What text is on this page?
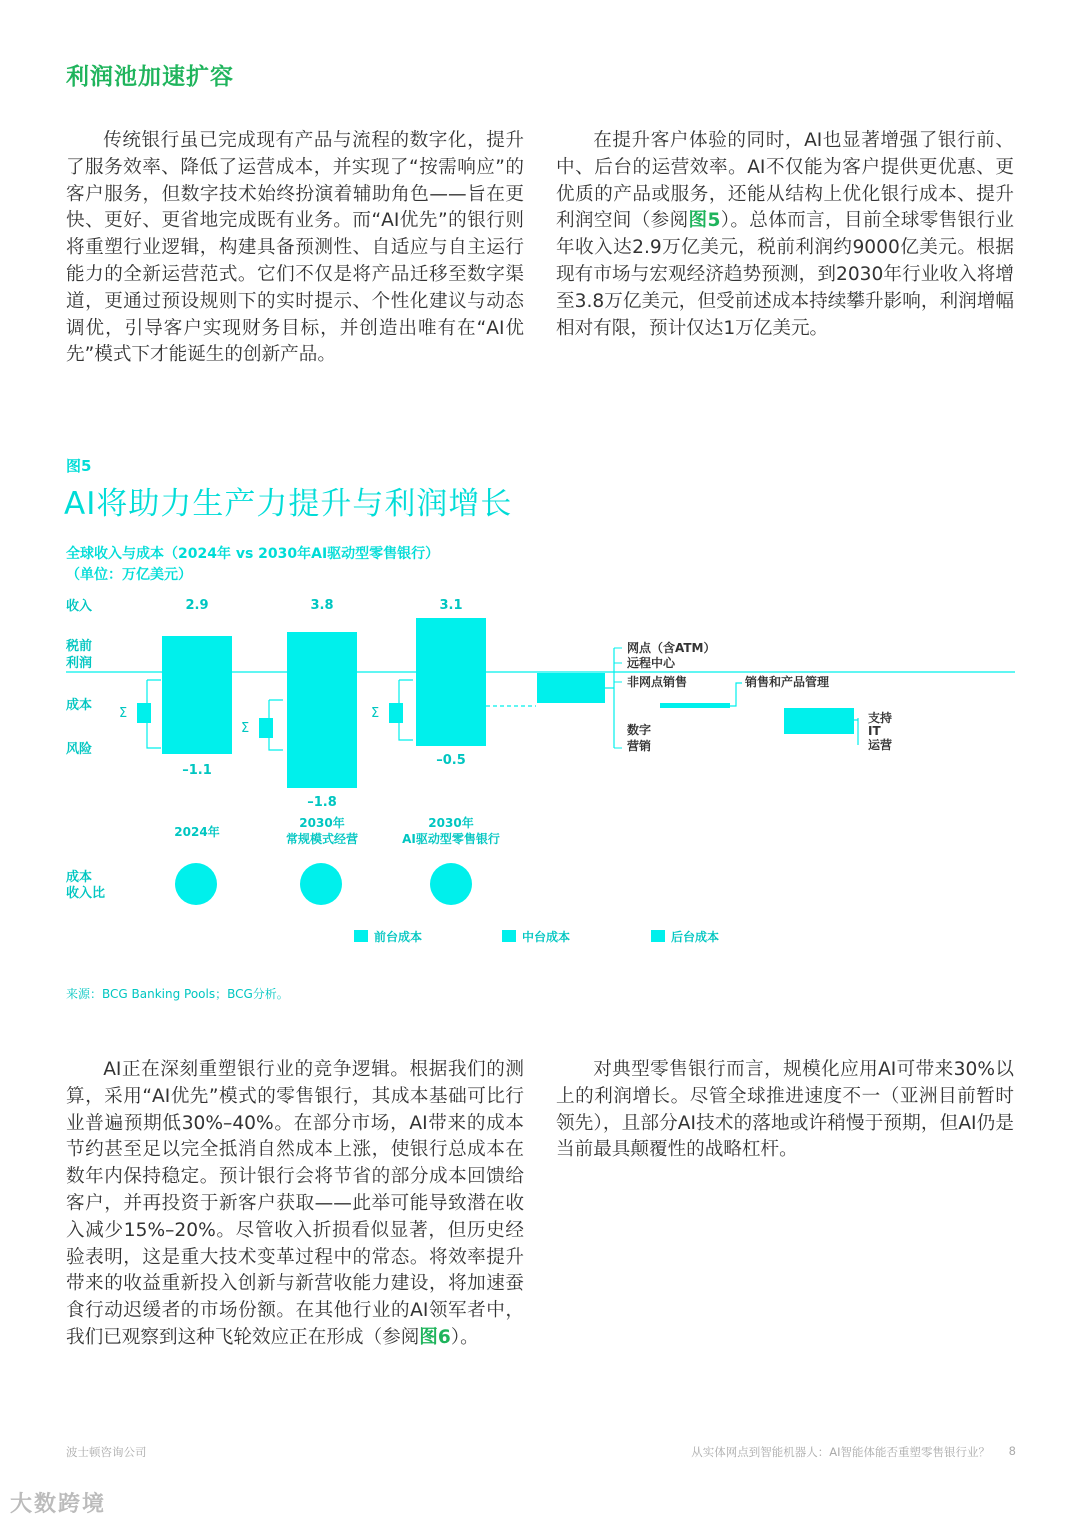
利润池加速扩容

传统银行虽已完成现有产品与流程的数字化，提升了服务效率、降低了运营成本，并实现了“按需响应”的客户服务，但数字技术始终扮演着辅助角色——旨在更快、更好、更省地完成既有业务。而“AI优先”的银行则将重塑行业逻辑，构建具备预测性、自适应与自主运行能力的全新运营范式。它们不仅是将产品迁移至数字渠道，更通过预设规则下的实时提示、个性化建议与动态调优，引导客户实现财务目标，并创造出唯有在“AI优先”模式下才能诞生的创新产品。

在提升客户体验的同时，AI也显著增强了银行前、中、后台的运营效率。AI不仅能为客户提供更优惠、更优质的产品或服务，还能从结构上优化银行成本、提升利润空间（参阅图5）。总体而言，目前全球零售银行业年收入达2.9万亿美元，税前利润约9000亿美元。根据现有市场与宏观经济趋势预测，到2030年行业收入将增至3.8万亿美元，但受前述成本持续攀升影响，利润增幅相对有限，预计仅达1万亿美元。

图5
AI将助力生产力提升与利润增长
全球收入与成本（2024年 vs 2030年AI驱动型零售银行）
（单位：万亿美元）
收入
税前
利润
成本
风险
2.9
–1.1
3.8
–1.8
3.1
–0.5
Σ
Σ
Σ
网点（含ATM）
远程中心
非网点销售
数字
营销
销售和产品管理
支持
IT
运营
2024年
2030年
常规模式经营
2030年
AI驱动型零售银行
成本
收入比
前台成本	中台成本	后台成本
来源：BCG Banking Pools；BCG分析。

AI正在深刻重塑银行业的竞争逻辑。根据我们的测算，采用“AI优先”模式的零售银行，其成本基础可比行业普遍预期低30%–40%。在部分市场，AI带来的成本节约甚至足以完全抵消自然成本上涨，使银行总成本在数年内保持稳定。预计银行会将节省的部分成本回馈给客户，并再投资于新客户获取——此举可能导致潜在收入减少15%–20%。尽管收入折损看似显著，但历史经验表明，这是重大技术变革过程中的常态。将效率提升带来的收益重新投入创新与新营收能力建设，将加速蚕食行动迟缓者的市场份额。在其他行业的AI领军者中，我们已观察到这种飞轮效应正在形成（参阅图6）。

对典型零售银行而言，规模化应用AI可带来30%以上的利润增长。尽管全球推进速度不一（亚洲目前暂时领先），且部分AI技术的落地或许稍慢于预期，但AI仍是当前最具颠覆性的战略杠杆。

波士顿咨询公司	从实体网点到智能机器人：AI智能体能否重塑零售银行业？ 8
大数跨境
